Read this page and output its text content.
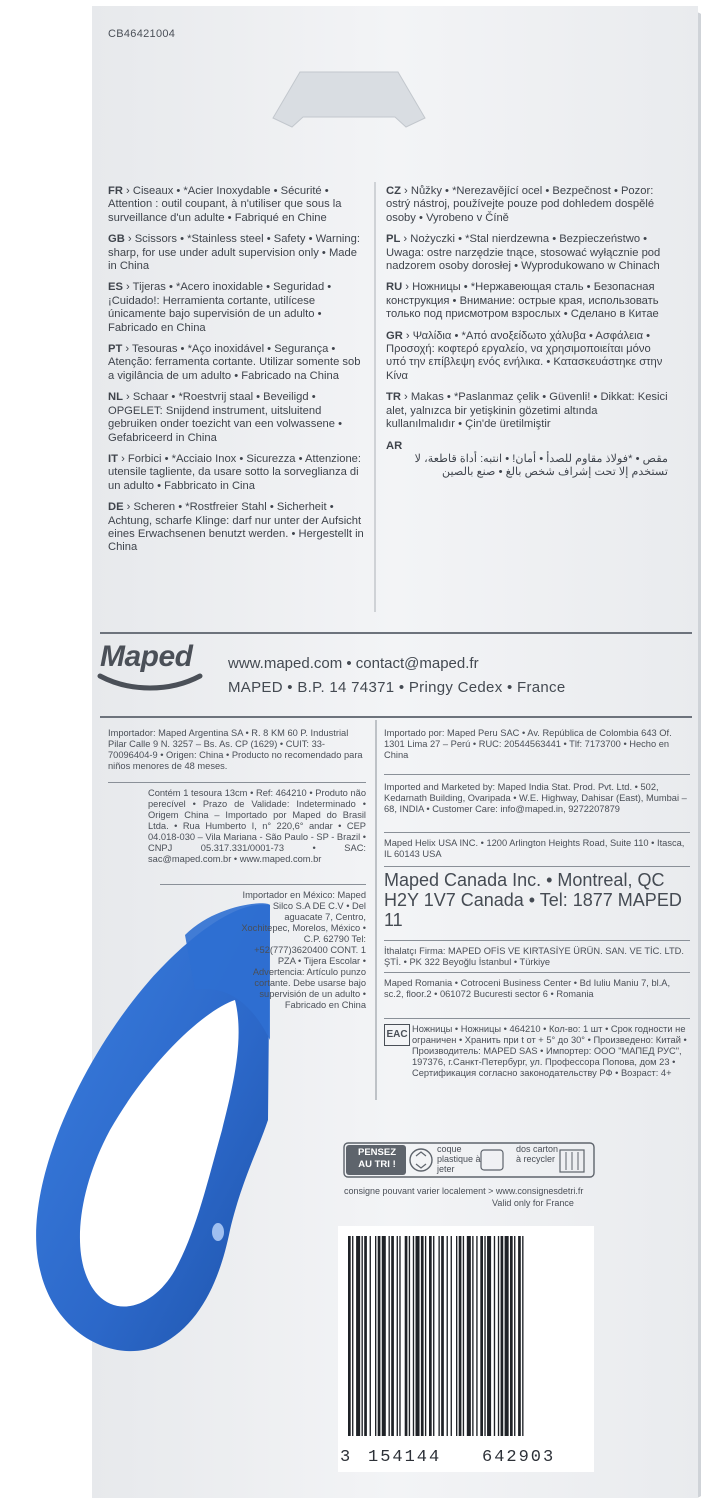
CB46421004
FR › Ciseaux • *Acier Inoxydable • Sécurité • Attention : outil coupant, à n'utiliser que sous la surveillance d'un adulte • Fabriqué en Chine
GB › Scissors • *Stainless steel • Safety • Warning: sharp, for use under adult supervision only • Made in China
ES › Tijeras • *Acero inoxidable • Seguridad • ¡Cuidado!: Herramienta cortante, utilícese únicamente bajo supervisión de un adulto • Fabricado en China
PT › Tesouras • *Aço inoxidável • Segurança • Atenção: ferramenta cortante. Utilizar somente sob a vigilância de um adulto • Fabricado na China
NL › Schaar • *Roestvrij staal • Beveiligd • OPGELET: Snijdend instrument, uitsluitend gebruiken onder toezicht van een volwassene • Gefabriceerd in China
IT › Forbici • *Acciaio Inox • Sicurezza • Attenzione: utensile tagliente, da usare sotto la sorveglianza di un adulto • Fabbricato in Cina
DE › Scheren • *Rostfreier Stahl • Sicherheit • Achtung, scharfe Klinge: darf nur unter der Aufsicht eines Erwachsenen benutzt werden. • Hergestellt in China
CZ › Nůžky • *Nerezavějící ocel • Bezpečnost • Pozor: ostrý nástroj, používejte pouze pod dohledem dospělé osoby • Vyrobeno v Číně
PL › Nożyczki • *Stal nierdzewna • Bezpieczeństwo • Uwaga: ostre narzędzie tnące, stosować wyłącznie pod nadzorem osoby dorosłej • Wyprodukowano w Chinach
RU › Ножницы • *Нержавеющая сталь • Безопасная конструкция • Внимание: острые края, использовать только под присмотром взрослых • Сделано в Китае
GR › Ψαλίδια • *Από ανοξείδωτο χάλυβα • Ασφάλεια • Προσοχή: κοφτερό εργαλείο, να χρησιμοποιείται μόνο υπό την επίβλεψη ενός ενήλικα. • Κατασκευάστηκε στην Κίνα
TR › Makas • *Paslanmaz çelik • Güvenli! • Dikkat: Kesici alet, yalnızca bir yetişkinin gözetimi altında kullanılmalıdır • Çin'de üretilmiştir
AR
مقص • *فولاذ مقاوم للصدأ • أمان! • انتبه: أداة قاطعة، لا تستخدم إلا تحت إشراف شخص بالغ • صنع بالصين
Maped www.maped.com • contact@maped.fr
MAPED • B.P. 14 74371 • Pringy Cedex • France
Importador: Maped Argentina SA • R. 8 KM 60 P. Industrial Pilar Calle 9 N. 3257 – Bs. As. CP (1629) • CUIT: 33-70096404-9 • Origen: China • Producto no recomendado para niños menores de 48 meses.
Contém 1 tesoura 13cm • Ref: 464210 • Produto não perecível • Prazo de Validade: Indeterminado • Origem China – Importado por Maped do Brasil Ltda. • Rua Humberto I, n° 220,6° andar • CEP 04.018-030 – Vila Mariana - São Paulo - SP - Brazil • CNPJ 05.317.331/0001-73 • SAC: sac@maped.com.br • www.maped.com.br
Importador en México: Maped Silco S.A DE C.V • Del aguacate 7, Centro, Xochitepec, Morelos, México • C.P. 62790 Tel: +52(777)3620400 CONT. 1 PZA • Tijera Escolar • Advertencia: Artículo punzo cortante. Debe usarse bajo supervisión de un adulto • Fabricado en China
Importado por: Maped Peru SAC • Av. República de Colombia 643 Of. 1301 Lima 27 – Perú • RUC: 20544563441 • Tlf: 7173700 • Hecho en China
Imported and Marketed by: Maped India Stat. Prod. Pvt. Ltd. • 502, Kedarnath Building, Ovaripada • W.E. Highway, Dahisar (East), Mumbai – 68, INDIA • Customer Care: info@maped.in, 9272207879
Maped Helix USA INC. • 1200 Arlington Heights Road, Suite 110 • Itasca, IL 60143 USA
Maped Canada Inc. • Montreal, QC H2Y 1V7 Canada • Tel: 1877 MAPED 11
İthalatçı Firma: MAPED OFİS VE KIRTASİYE ÜRÜN. SAN. VE TİC. LTD. ŞTİ. • PK 322 Beyoğlu İstanbul • Türkiye
Maped Romania • Cotroceni Business Center • Bd Iuliu Maniu 7, bl.A, sc.2, floor.2 • 061072 Bucuresti sector 6 • Romania
EAC Ножницы • Ножницы • 464210 • Кол-во: 1 шт • Срок годности не ограничен • Хранить при t от + 5° до 30° • Произведено: Китай • Производитель: MAPED SAS • Импортер: ООО "МАПЕД РУС", 197376, г.Санкт-Петербург, ул. Профессора Попова, дом 23 • Сертификация согласно законодательству РФ • Возраст: 4+
PENSEZ
AU TRI !
coque plastique à jeter
dos carton à recycler
consigne pouvant varier localement > www.consignesdetri.fr
Valid only for France
3 154144 642903
